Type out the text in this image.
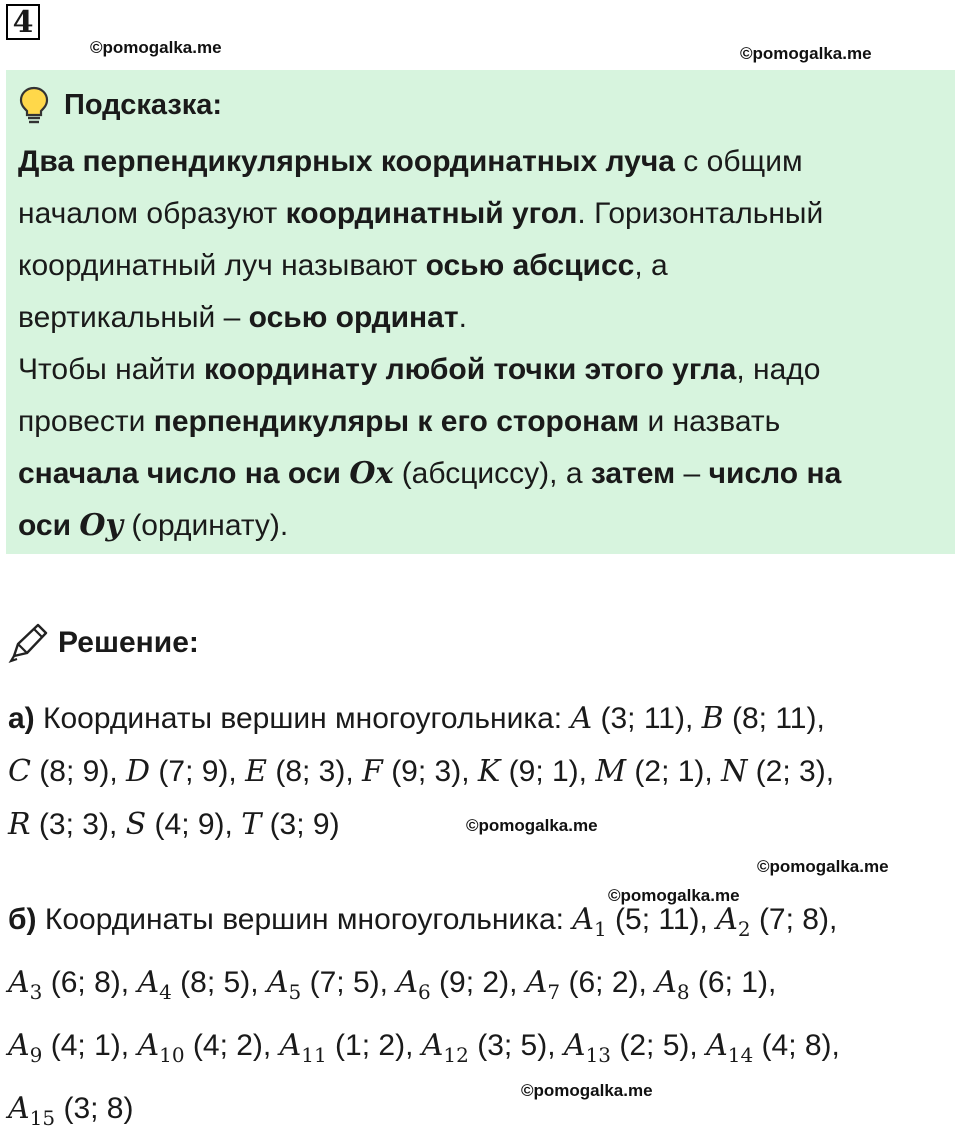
4
©pomogalka.me	©pomogalka.me
Подсказка:

Два перпендикулярных координатных луча с общим

началом образуют координатный угол. Горизонтальный

координатный луч называют осью абсцисс, а

вертикальный – осью ординат.

Чтобы найти координату любой точки этого угла, надо

провести перпендикуляры к его сторонам и назвать

сначала число на оси Ox (абсциссу), а затем – число на

оси Oy (ординату).

Решение:
а) Координаты вершин многоугольника: A (3; 11), B (8; 11),
C (8; 9), D (7; 9), E (8; 3), F (9; 3), K (9; 1), M (2; 1), N (2; 3),
R (3; 3), S (4; 9), T (3; 9)	©pomogalka.me
©pomogalka.me
©pomogalka.me
б) Координаты вершин многоугольника: $A_1$ (5; 11), $A_2$ (7; 8),
$A_3$ (6; 8), $A_4$ (8; 5), $A_5$ (7; 5), $A_6$ (9; 2), $A_7$ (6; 2), $A_8$ (6; 1),
$A_9$ (4; 1), $A_{10}$ (4; 2), $A_{11}$ (1; 2), $A_{12}$ (3; 5), $A_{13}$ (2; 5), $A_{14}$ (4; 8),
$A_{15}$ (3; 8)
©pomogalka.me
